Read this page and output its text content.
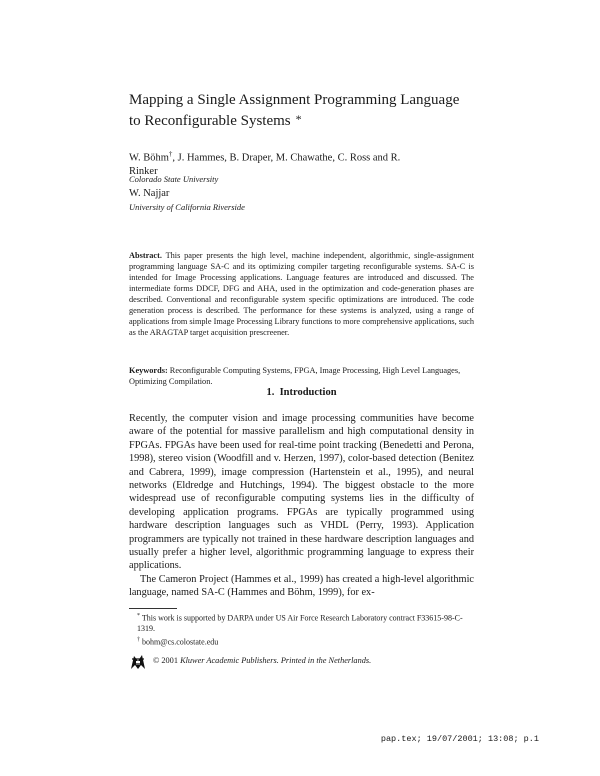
Mapping a Single Assignment Programming Language
to Reconfigurable Systems *
W. Böhm†, J. Hammes, B. Draper, M. Chawathe, C. Ross and R.
Rinker
Colorado State University
W. Najjar
University of California Riverside
Abstract. This paper presents the high level, machine independent, algorithmic, single-assignment programming language SA-C and its optimizing compiler targeting reconfigurable systems. SA-C is intended for Image Processing applications. Language features are introduced and discussed. The intermediate forms DDCF, DFG and AHA, used in the optimization and code-generation phases are described. Conventional and reconfigurable system specific optimizations are introduced. The code generation process is described. The performance for these systems is analyzed, using a range of applications from simple Image Processing Library functions to more comprehensive applications, such as the ARAGTAP target acquisition prescreener.
Keywords: Reconfigurable Computing Systems, FPGA, Image Processing, High Level Languages, Optimizing Compilation.
1. Introduction

Recently, the computer vision and image processing communities have become aware of the potential for massive parallelism and high computational density in FPGAs. FPGAs have been used for real-time point tracking (Benedetti and Perona, 1998), stereo vision (Woodfill and v. Herzen, 1997), color-based detection (Benitez and Cabrera, 1999), image compression (Hartenstein et al., 1995), and neural networks (Eldredge and Hutchings, 1994). The biggest obstacle to the more widespread use of reconfigurable computing systems lies in the difficulty of developing application programs. FPGAs are typically programmed using hardware description languages such as VHDL (Perry, 1993). Application programmers are typically not trained in these hardware description languages and usually prefer a higher level, algorithmic programming language to express their applications.

The Cameron Project (Hammes et al., 1999) has created a high-level algorithmic language, named SA-C (Hammes and Böhm, 1999), for ex-

* This work is supported by DARPA under US Air Force Research Laboratory contract F33615-98-C-1319.
† bohm@cs.colostate.edu
© 2001 Kluwer Academic Publishers. Printed in the Netherlands.
pap.tex; 19/07/2001; 13:08; p.1
